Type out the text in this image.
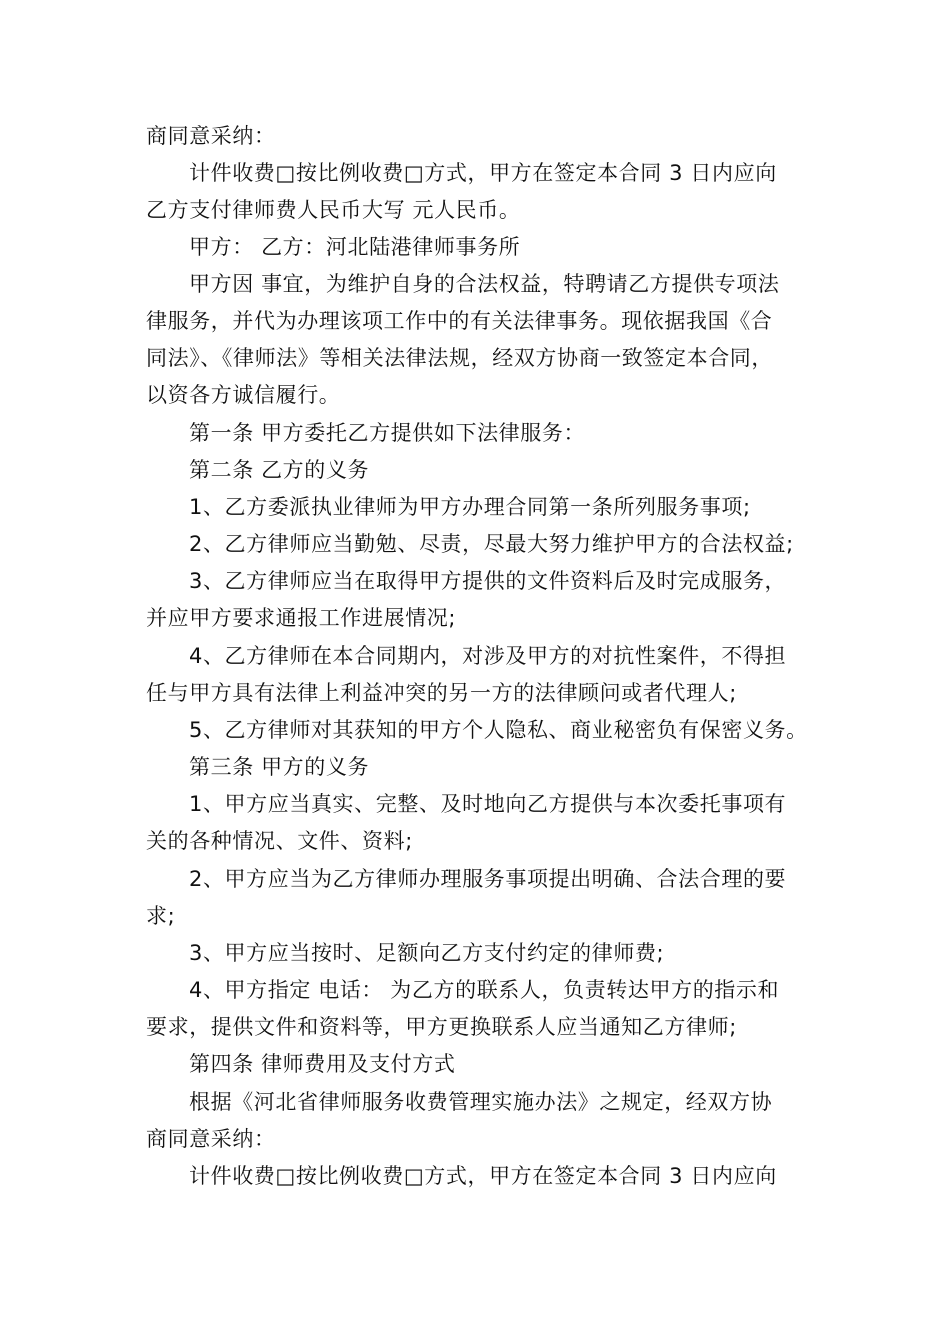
商同意采纳：
计件收费□按比例收费□方式，甲方在签定本合同 3 日内应向
乙方支付律师费人民币大写 元人民币。
甲方： 乙方：河北陆港律师事务所
甲方因 事宜，为维护自身的合法权益，特聘请乙方提供专项法
律服务，并代为办理该项工作中的有关法律事务。现依据我国《合
同法》、《律师法》等相关法律法规，经双方协商一致签定本合同，
以资各方诚信履行。
第一条 甲方委托乙方提供如下法律服务：
第二条 乙方的义务
1、乙方委派执业律师为甲方办理合同第一条所列服务事项;
2、乙方律师应当勤勉、尽责，尽最大努力维护甲方的合法权益;
3、乙方律师应当在取得甲方提供的文件资料后及时完成服务，
并应甲方要求通报工作进展情况;
4、乙方律师在本合同期内，对涉及甲方的对抗性案件，不得担
任与甲方具有法律上利益冲突的另一方的法律顾问或者代理人;
5、乙方律师对其获知的甲方个人隐私、商业秘密负有保密义务。
第三条 甲方的义务
1、甲方应当真实、完整、及时地向乙方提供与本次委托事项有
关的各种情况、文件、资料;
2、甲方应当为乙方律师办理服务事项提出明确、合法合理的要
求;
3、甲方应当按时、足额向乙方支付约定的律师费;
4、甲方指定 电话： 为乙方的联系人，负责转达甲方的指示和
要求，提供文件和资料等，甲方更换联系人应当通知乙方律师;
第四条 律师费用及支付方式
根据《河北省律师服务收费管理实施办法》之规定，经双方协
商同意采纳：
计件收费□按比例收费□方式，甲方在签定本合同 3 日内应向
